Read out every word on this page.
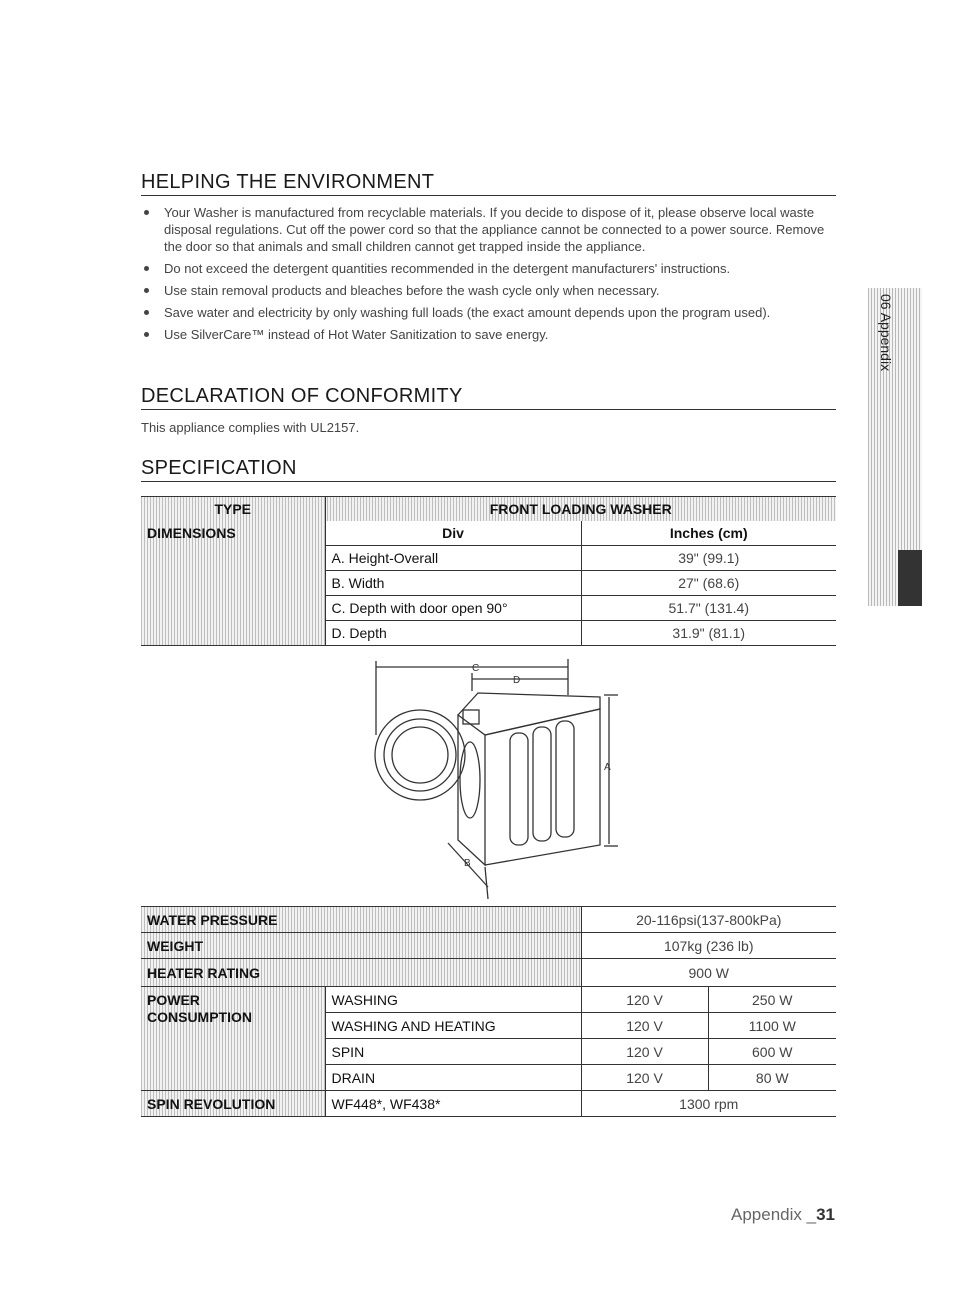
HELPING THE ENVIRONMENT
Your Washer is manufactured from recyclable materials. If you decide to dispose of it, please observe local waste disposal regulations. Cut off the power cord so that the appliance cannot be connected to a power source. Remove the door so that animals and small children cannot get trapped inside the appliance.
Do not exceed the detergent quantities recommended in the detergent manufacturers' instructions.
Use stain removal products and bleaches before the wash cycle only when necessary.
Save water and electricity by only washing full loads (the exact amount depends upon the program used).
Use SilverCare™ instead of Hot Water Sanitization to save energy.
DECLARATION OF CONFORMITY

This appliance complies with UL2157.

SPECIFICATION
TYPE	FRONT LOADING WASHER	
DIMENSIONS	Div	Inches (cm)
	A. Height-Overall	39" (99.1)
	B. Width	27" (68.6)
	C. Depth with door open 90°	51.7" (131.4)
	D. Depth	31.9" (81.1)
C
D
A
B
WATER PRESSURE		20-116psi(137-800kPa)	
WEIGHT		107kg (236 lb)	
HEATER RATING		900 W	
POWER
CONSUMPTION	WASHING	120 V	250 W
	WASHING AND HEATING	120 V	1100 W
	SPIN	120 V	600 W
	DRAIN	120 V	80 W
SPIN REVOLUTION	WF448*, WF438*	1300 rpm	
06 Appendix
Appendix _31
